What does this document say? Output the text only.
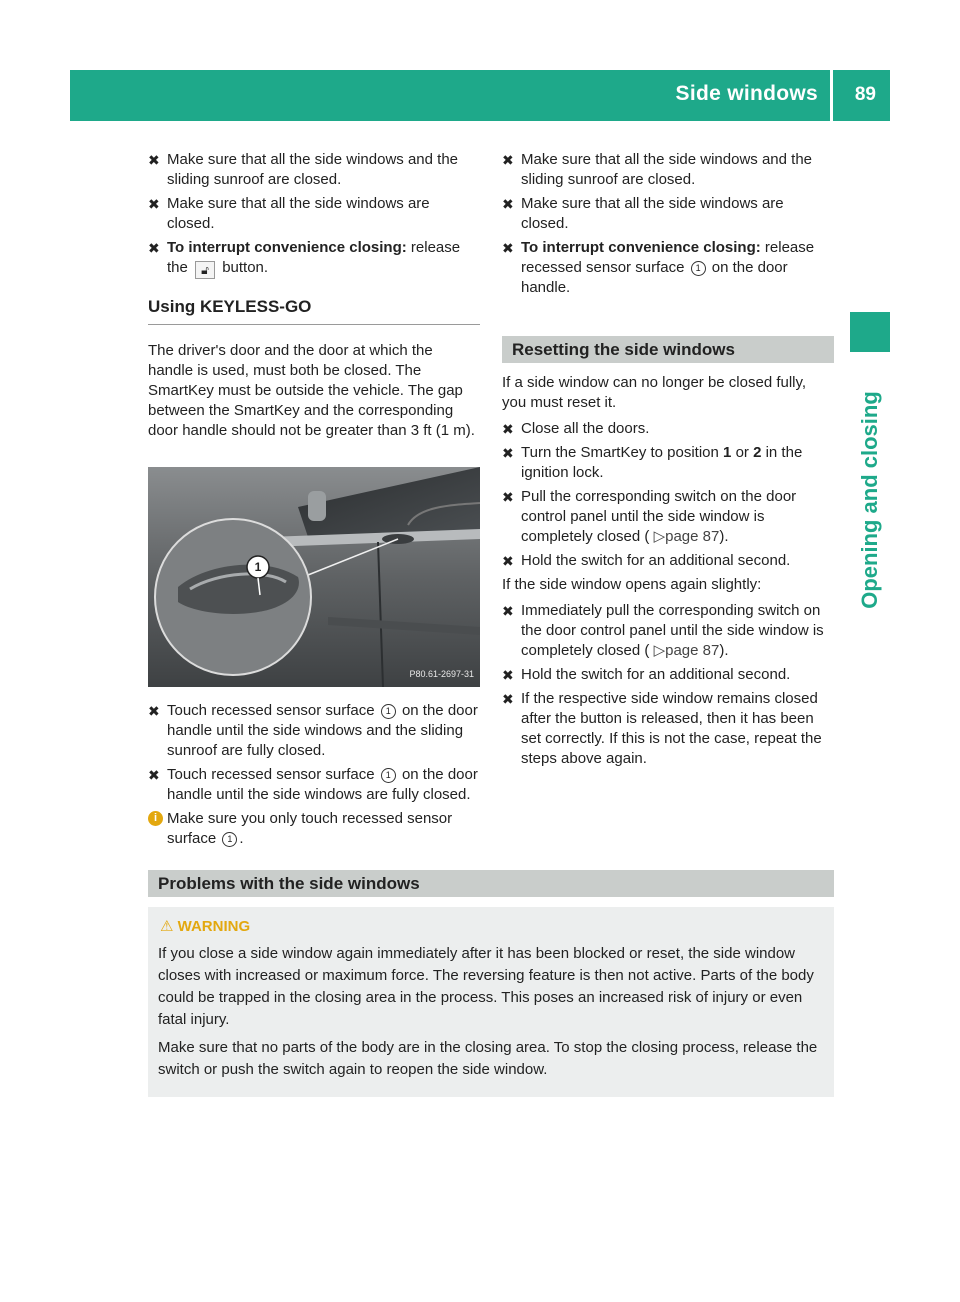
Side windows 89
Opening and closing
✖︎ Make sure that all the side windows and the sliding sunroof are closed.
✖︎ Make sure that all the side windows are closed.
✖︎ To interrupt convenience closing: release the 🔓︎ button.
Using KEYLESS-GO
The driver's door and the door at which the handle is used, must both be closed. The SmartKey must be outside the vehicle. The gap between the SmartKey and the corresponding door handle should not be greater than 3 ft (1 m).
1
P80.61-2697-31
✖︎ Touch recessed sensor surface 1 on the door handle until the side windows and the sliding sunroof are fully closed.
✖︎ Touch recessed sensor surface 1 on the door handle until the side windows are fully closed.
i Make sure you only touch recessed sensor surface 1 .
✖︎ Make sure that all the side windows and the sliding sunroof are closed.
✖︎ Make sure that all the side windows are closed.
✖︎ To interrupt convenience closing: release recessed sensor surface 1 on the door handle.
Resetting the side windows
If a side window can no longer be closed fully, you must reset it.
✖︎ Close all the doors.
✖︎ Turn the SmartKey to position 1 or 2 in the ignition lock.
✖︎ Pull the corresponding switch on the door control panel until the side window is completely closed ( ▷page 87).
✖︎ Hold the switch for an additional second.
If the side window opens again slightly:
✖︎ Immediately pull the corresponding switch on the door control panel until the side window is completely closed ( ▷page 87).
✖︎ Hold the switch for an additional second.
✖︎ If the respective side window remains closed after the button is released, then it has been set correctly. If this is not the case, repeat the steps above again.
Problems with the side windows
⚠︎ WARNING
If you close a side window again immediately after it has been blocked or reset, the side window closes with increased or maximum force. The reversing feature is then not active. Parts of the body could be trapped in the closing area in the process. This poses an increased risk of injury or even fatal injury.
Make sure that no parts of the body are in the closing area. To stop the closing process, release the switch or push the switch again to reopen the side window.
